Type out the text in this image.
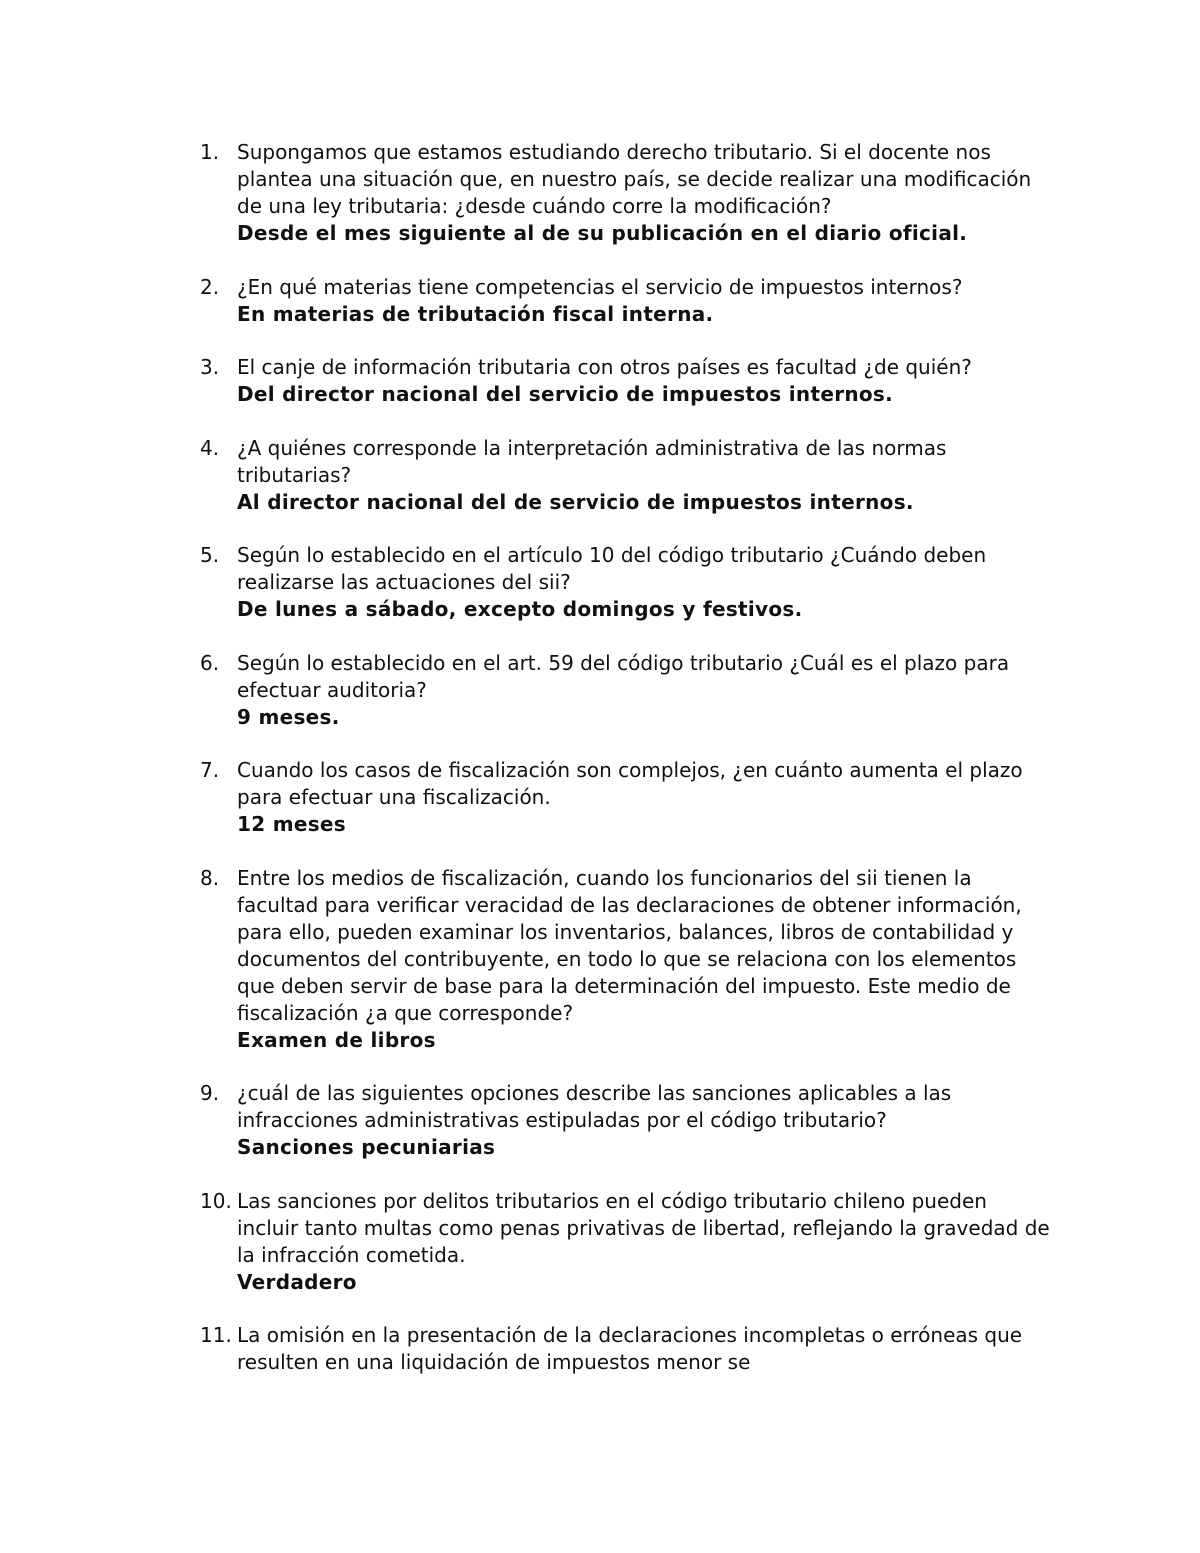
1. Supongamos que estamos estudiando derecho tributario. Si el docente nos plantea una situación que, en nuestro país, se decide realizar una modificación de una ley tributaria: ¿desde cuándo corre la modificación?
Desde el mes siguiente al de su publicación en el diario oficial.
2. ¿En qué materias tiene competencias el servicio de impuestos internos?
En materias de tributación fiscal interna.
3. El canje de información tributaria con otros países es facultad ¿de quién?
Del director nacional del servicio de impuestos internos.
4. ¿A quiénes corresponde la interpretación administrativa de las normas tributarias?
Al director nacional del de servicio de impuestos internos.
5. Según lo establecido en el artículo 10 del código tributario ¿Cuándo deben realizarse las actuaciones del sii?
De lunes a sábado, excepto domingos y festivos.
6. Según lo establecido en el art. 59 del código tributario ¿Cuál es el plazo para efectuar auditoria?
9 meses.
7. Cuando los casos de fiscalización son complejos, ¿en cuánto aumenta el plazo para efectuar una fiscalización.
12 meses
8. Entre los medios de fiscalización, cuando los funcionarios del sii tienen la facultad para verificar veracidad de las declaraciones de obtener información, para ello, pueden examinar los inventarios, balances, libros de contabilidad y documentos del contribuyente, en todo lo que se relaciona con los elementos que deben servir de base para la determinación del impuesto. Este medio de fiscalización ¿a que corresponde?
Examen de libros
9. ¿cuál de las siguientes opciones describe las sanciones aplicables a las infracciones administrativas estipuladas por el código tributario?
Sanciones pecuniarias
10. Las sanciones por delitos tributarios en el código tributario chileno pueden incluir tanto multas como penas privativas de libertad, reflejando la gravedad de la infracción cometida.
Verdadero
11. La omisión en la presentación de la declaraciones incompletas o erróneas que resulten en una liquidación de impuestos menor se
